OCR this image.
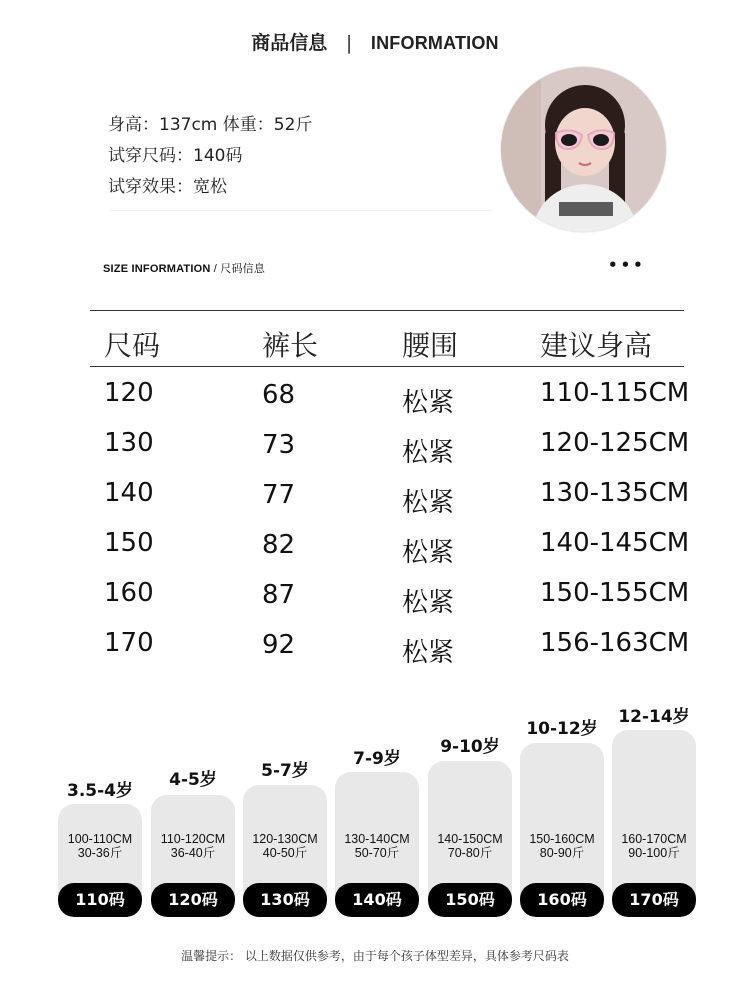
商品信息 | INFORMATION
身高：137cm 体重：52斤
试穿尺码：140码
试穿效果：宽松
SIZE INFORMATION / 尺码信息	•••
尺码	裤长	腰围	建议身高
120	68	松紧	110-115CM
130	73	松紧	120-125CM
140	77	松紧	130-135CM
150	82	松紧	140-145CM
160	87	松紧	150-155CM
170	92	松紧	156-163CM
3.5-4岁
100-110CM
30-36斤
110码
4-5岁
110-120CM
36-40斤
120码
5-7岁
120-130CM
40-50斤
130码
7-9岁
130-140CM
50-70斤
140码
9-10岁
140-150CM
70-80斤
150码
10-12岁
150-160CM
80-90斤
160码
12-14岁
160-170CM
90-100斤
170码
温馨提示： 以上数据仅供参考，由于每个孩子体型差异，具体参考尺码表
